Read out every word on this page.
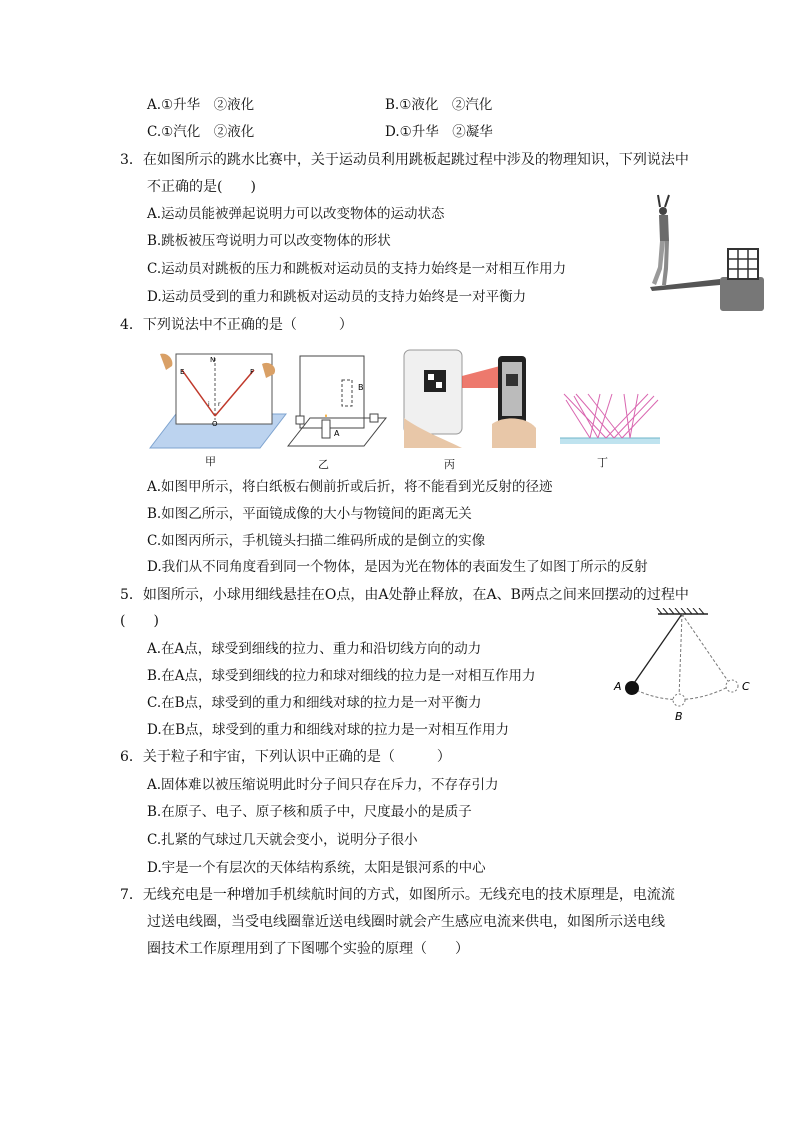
A.①升华　②液化	B.①液化　②汽化
C.①汽化　②液化	D.①升华　②凝华
3．在如图所示的跳水比赛中，关于运动员利用跳板起跳过程中涉及的物理知识，下列说法中
不正确的是(　　)
A.运动员能被弹起说明力可以改变物体的运动状态
B.跳板被压弯说明力可以改变物体的形状
C.运动员对跳板的压力和跳板对运动员的支持力始终是一对相互作用力
D.运动员受到的重力和跳板对运动员的支持力始终是一对平衡力
4．下列说法中不正确的是（　　　）
N
E	F
O
i r
甲
A
B
乙	丙	丁
A.如图甲所示，将白纸板右侧前折或后折，将不能看到光反射的径迹
B.如图乙所示，平面镜成像的大小与物镜间的距离无关
C.如图丙所示，手机镜头扫描二维码所成的是倒立的实像
D.我们从不同角度看到同一个物体，是因为光在物体的表面发生了如图丁所示的反射
5．如图所示，小球用细线悬挂在O点，由A处静止释放，在A、B两点之间来回摆动的过程中
(　　)
A.在A点，球受到细线的拉力、重力和沿切线方向的动力
B.在A点，球受到细线的拉力和球对细线的拉力是一对相互作用力
C.在B点，球受到的重力和细线对球的拉力是一对平衡力
D.在B点，球受到的重力和细线对球的拉力是一对相互作用力
A
B
C
6．关于粒子和宇宙，下列认识中正确的是（　　　）
A.固体难以被压缩说明此时分子间只存在斥力，不存存引力
B.在原子、电子、原子核和质子中，尺度最小的是质子
C.扎紧的气球过几天就会变小，说明分子很小
D.宇是一个有层次的天体结构系统，太阳是银河系的中心
7．无线充电是一种增加手机续航时间的方式，如图所示。无线充电的技术原理是，电流流
过送电线圈，当受电线圈靠近送电线圈时就会产生感应电流来供电，如图所示送电线
圈技术工作原理用到了下图哪个实验的原理（　　）
